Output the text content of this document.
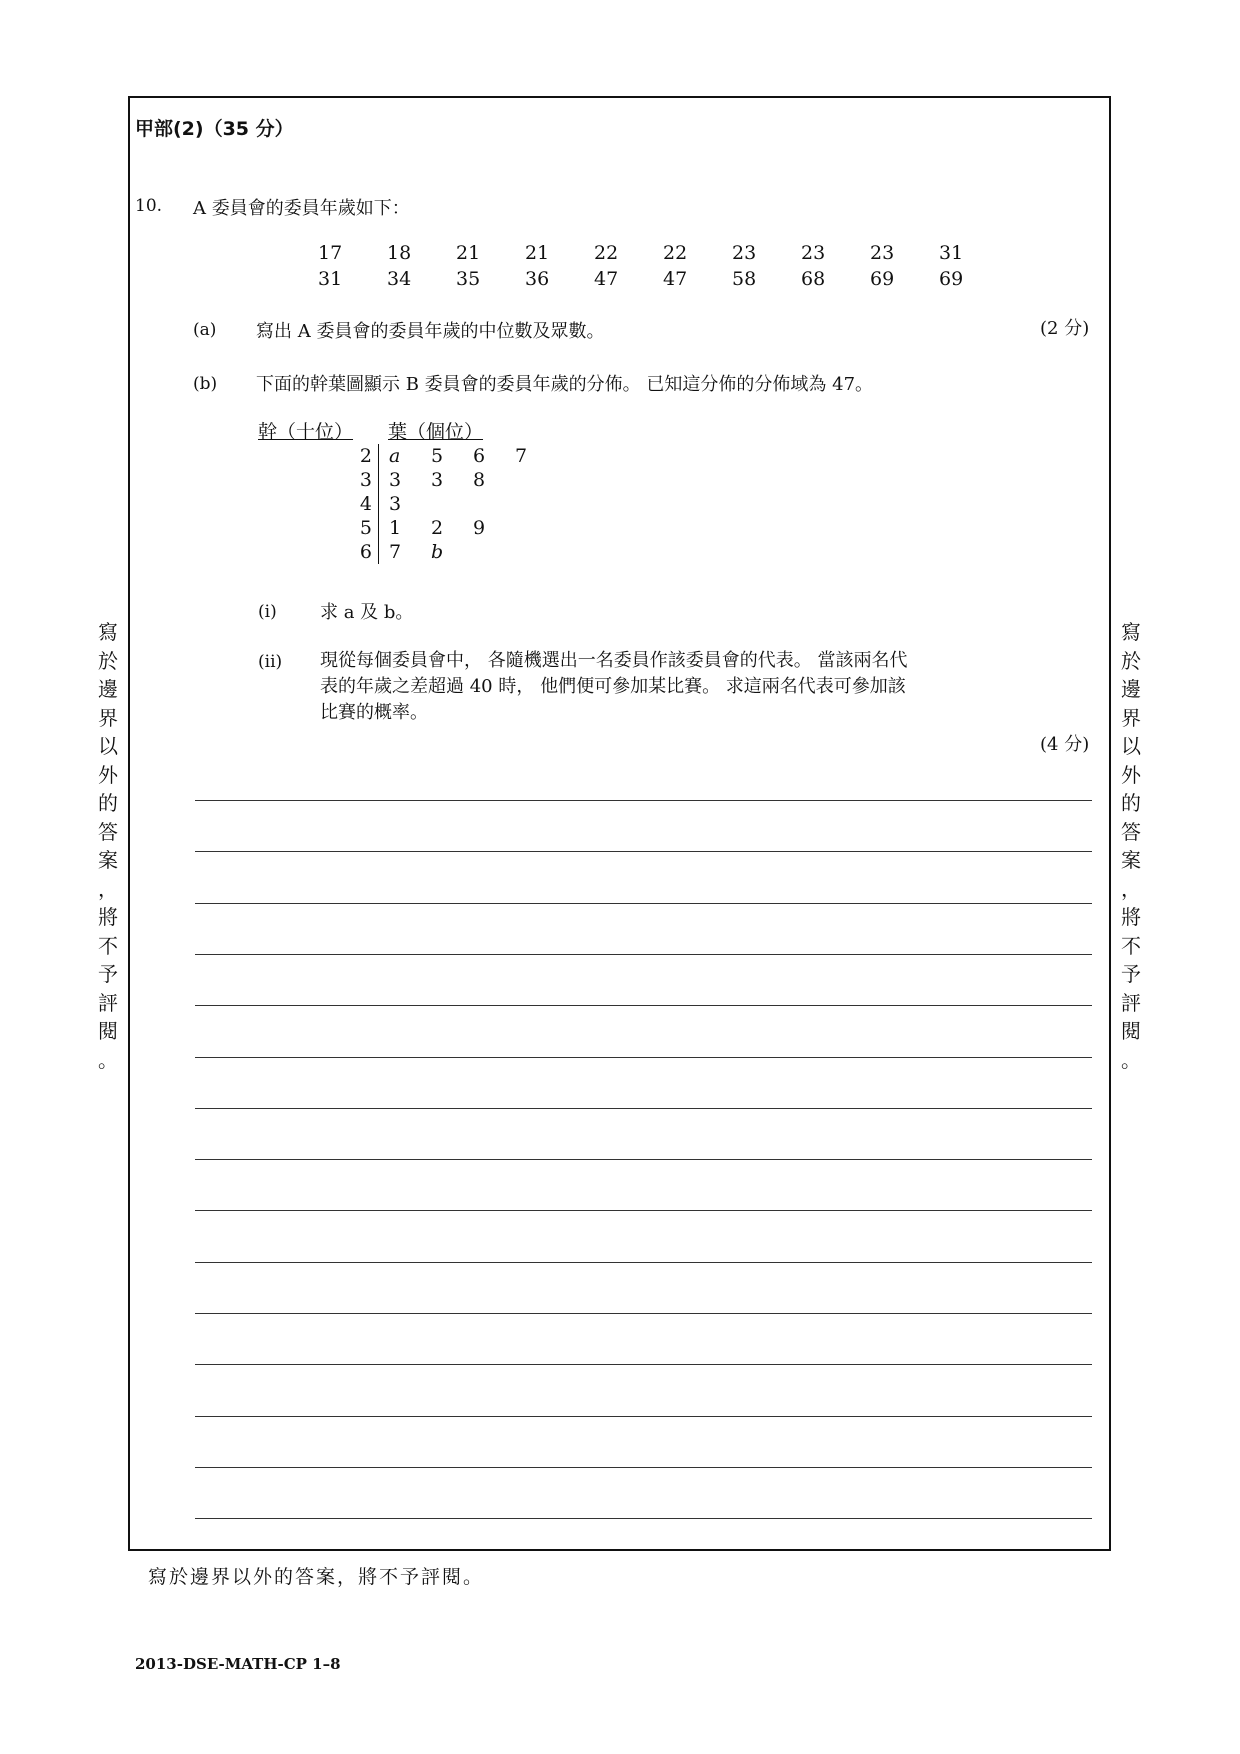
甲部(2)（35 分）
10. A 委員會的委員年歲如下：
17	18	21	21	22	22	23	23	23	31
31	34	35	36	47	47	58	68	69	69
(a) 寫出 A 委員會的委員年歲的中位數及眾數。	(2 分)
(b) 下面的幹葉圖顯示 B 委員會的委員年歲的分佈。 已知這分佈的分佈域為 47。
幹（十位）	葉（個位）
2 a	5	6	7
3 3	3	8
4 3
5 1	2	9
6 7	b
(i) 求 a 及 b。
(ii) 現從每個委員會中， 各隨機選出一名委員作該委員會的代表。 當該兩名代
表的年歲之差超過 40 時， 他們便可參加某比賽。 求這兩名代表可參加該
比賽的概率。
(4 分)
寫
於
邊
界
以
外
的
答
案
，
將
不
予
評
閱
。
寫
於
邊
界
以
外
的
答
案
，
將
不
予
評
閱
。
寫於邊界以外的答案，將不予評閱。
2013-DSE-MATH-CP 1–8
